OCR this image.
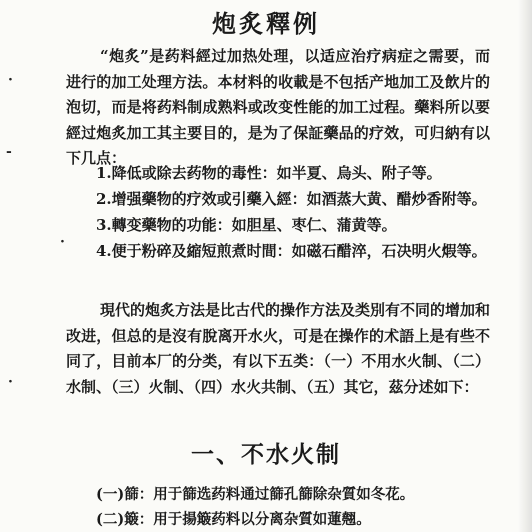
炮炙釋例
“炮炙”是药料經过加热处理，以适应治疗病症之需要，而进行的加工处理方法。本材料的收載是不包括产地加工及飲片的泡切，而是将药料制成熟料或改变性能的加工过程。藥料所以要經过炮炙加工其主要目的，是为了保証藥品的疗效，可归納有以下几点：
1.降低或除去药物的毒性：如半夏、烏头、附子等。
2.增强藥物的疗效或引藥入經：如酒蒸大黄、醋炒香附等。
3.轉变藥物的功能：如胆星、枣仁、蒲黄等。
4.便于粉碎及縮短煎煮时間：如磁石醋淬，石决明火煆等。
現代的炮炙方法是比古代的操作方法及类別有不同的增加和改进，但总的是沒有脫离开水火，可是在操作的术語上是有些不同了，目前本厂的分类，有以下五类：（一）不用水火制、（二）水制、（三）火制、（四）水火共制、（五）其它，茲分述如下：
一、不水火制
(一)篩：用于篩选药料通过篩孔篩除杂質如冬花。
(二)簸：用于揚簸药料以分离杂質如蓮翹。
·
-
·
·
